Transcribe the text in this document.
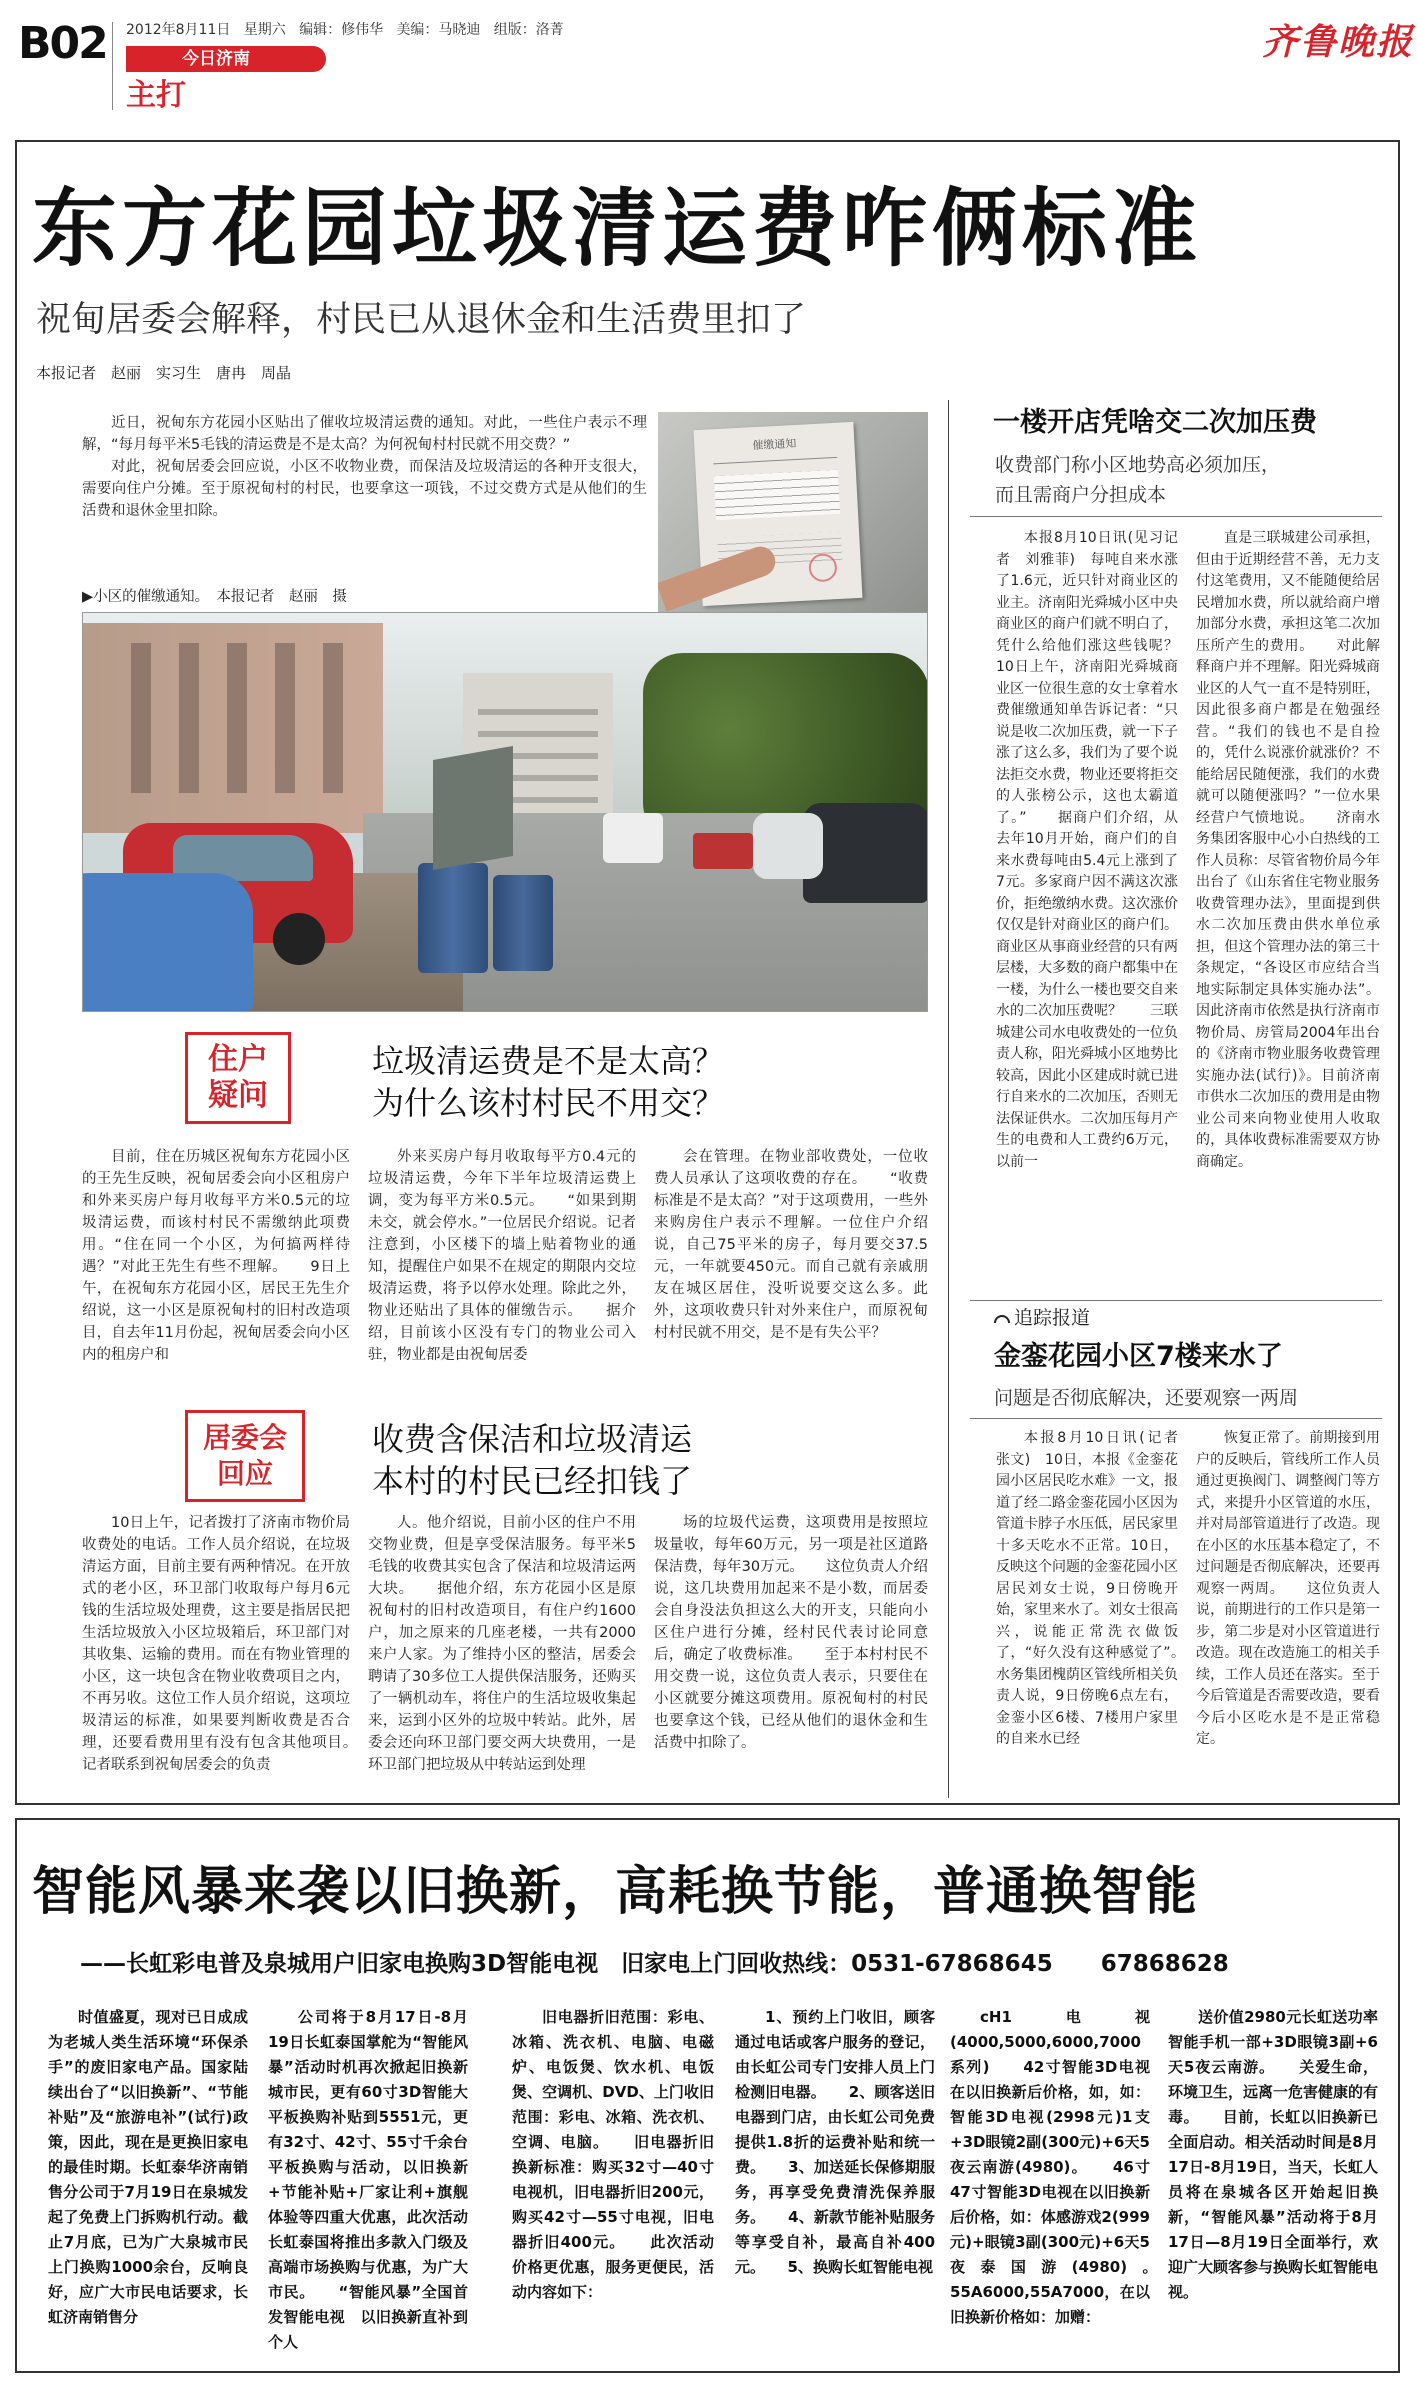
B02 2012年8月11日 星期六 编辑：修伟华 美编：马晓迪 组版：洛菁
今日济南
主打
齐鲁晚报
东方花园垃圾清运费咋俩标准
祝甸居委会解释，村民已从退休金和生活费里扣了
本报记者　赵丽　实习生　唐冉　周晶

近日，祝甸东方花园小区贴出了催收垃圾清运费的通知。对此，一些住户表示不理解，“每月每平米5毛钱的清运费是不是太高？为何祝甸村村民就不用交费？”

对此，祝甸居委会回应说，小区不收物业费，而保洁及垃圾清运的各种开支很大，需要向住户分摊。至于原祝甸村的村民，也要拿这一项钱，不过交费方式是从他们的生活费和退休金里扣除。

▶小区的催缴通知。　本报记者　赵丽　摄
催缴通知
住户
疑问
垃圾清运费是不是太高？
为什么该村村民不用交？

目前，住在历城区祝甸东方花园小区的王先生反映，祝甸居委会向小区租房户和外来买房户每月收每平方米0.5元的垃圾清运费，而该村村民不需缴纳此项费用。“住在同一个小区，为何搞两样待遇？”对此王先生有些不理解。　　9日上午，在祝甸东方花园小区，居民王先生介绍说，这一小区是原祝甸村的旧村改造项目，自去年11月份起，祝甸居委会向小区内的租房户和

外来买房户每月收取每平方0.4元的垃圾清运费，今年下半年垃圾清运费上调，变为每平方米0.5元。　　“如果到期未交，就会停水。”一位居民介绍说。记者注意到，小区楼下的墙上贴着物业的通知，提醒住户如果不在规定的期限内交垃圾清运费，将予以停水处理。除此之外，物业还贴出了具体的催缴告示。　　据介绍，目前该小区没有专门的物业公司入驻，物业都是由祝甸居委

会在管理。在物业部收费处，一位收费人员承认了这项收费的存在。　　“收费标准是不是太高？”对于这项费用，一些外来购房住户表示不理解。一位住户介绍说，自己75平米的房子，每月要交37.5元，一年就要450元。而自己就有亲戚朋友在城区居住，没听说要交这么多。此外，这项收费只针对外来住户，而原祝甸村村民就不用交，是不是有失公平？

居委会
回应
收费含保洁和垃圾清运
本村的村民已经扣钱了

10日上午，记者拨打了济南市物价局收费处的电话。工作人员介绍说，在垃圾清运方面，目前主要有两种情况。在开放式的老小区，环卫部门收取每户每月6元钱的生活垃圾处理费，这主要是指居民把生活垃圾放入小区垃圾箱后，环卫部门对其收集、运输的费用。而在有物业管理的小区，这一块包含在物业收费项目之内，不再另收。这位工作人员介绍说，这项垃圾清运的标准，如果要判断收费是否合理，还要看费用里有没有包含其他项目。　　记者联系到祝甸居委会的负责

人。他介绍说，目前小区的住户不用交物业费，但是享受保洁服务。每平米5毛钱的收费其实包含了保洁和垃圾清运两大块。　　据他介绍，东方花园小区是原祝甸村的旧村改造项目，有住户约1600户，加之原来的几座老楼，一共有2000来户人家。为了维持小区的整洁，居委会聘请了30多位工人提供保洁服务，还购买了一辆机动车，将住户的生活垃圾收集起来，运到小区外的垃圾中转站。此外，居委会还向环卫部门要交两大块费用，一是环卫部门把垃圾从中转站运到处理

场的垃圾代运费，这项费用是按照垃圾量收，每年60万元，另一项是社区道路保洁费，每年30万元。　　这位负责人介绍说，这几块费用加起来不是小数，而居委会自身没法负担这么大的开支，只能向小区住户进行分摊，经村民代表讨论同意后，确定了收费标准。　　至于本村村民不用交费一说，这位负责人表示，只要住在小区就要分摊这项费用。原祝甸村的村民也要拿这个钱，已经从他们的退休金和生活费中扣除了。

一楼开店凭啥交二次加压费
收费部门称小区地势高必须加压，
而且需商户分担成本

本报8月10日讯(见习记者　刘雅菲)　每吨自来水涨了1.6元，近只针对商业区的业主。济南阳光舜城小区中央商业区的商户们就不明白了，凭什么给他们涨这些钱呢？　　10日上午，济南阳光舜城商业区一位很生意的女士拿着水费催缴通知单告诉记者：“只说是收二次加压费，就一下子涨了这么多，我们为了要个说法拒交水费，物业还要将拒交的人张榜公示，这也太霸道了。”　　据商户们介绍，从去年10月开始，商户们的自来水费每吨由5.4元上涨到了7元。多家商户因不满这次涨价，拒绝缴纳水费。这次涨价仅仅是针对商业区的商户们。商业区从事商业经营的只有两层楼，大多数的商户都集中在一楼，为什么一楼也要交自来水的二次加压费呢？　　三联城建公司水电收费处的一位负责人称，阳光舜城小区地势比较高，因此小区建成时就已进行自来水的二次加压，否则无法保证供水。二次加压每月产生的电费和人工费约6万元，以前一

直是三联城建公司承担，但由于近期经营不善，无力支付这笔费用，又不能随便给居民增加水费，所以就给商户增加部分水费，承担这笔二次加压所产生的费用。　　对此解释商户并不理解。阳光舜城商业区的人气一直不是特别旺，因此很多商户都是在勉强经营。“我们的钱也不是自捡的，凭什么说涨价就涨价？不能给居民随便涨，我们的水费就可以随便涨吗？”一位水果经营户气愤地说。　　济南水务集团客服中心小白热线的工作人员称：尽管省物价局今年出台了《山东省住宅物业服务收费管理办法》，里面提到供水二次加压费由供水单位承担，但这个管理办法的第三十条规定，“各设区市应结合当地实际制定具体实施办法”。因此济南市依然是执行济南市物价局、房管局2004年出台的《济南市物业服务收费管理实施办法(试行)》。目前济南市供水二次加压的费用是由物业公司来向物业使用人收取的，具体收费标准需要双方协商确定。

追踪报道
金銮花园小区7楼来水了
问题是否彻底解决，还要观察一两周

本报8月10日讯(记者　张文)　10日，本报《金銮花园小区居民吃水难》一文，报道了经二路金銮花园小区因为管道卡脖子水压低，居民家里十多天吃水不正常。10日，反映这个问题的金銮花园小区居民刘女士说，9日傍晚开始，家里来水了。刘女士很高兴，说能正常洗衣做饭了，“好久没有这种感觉了”。　　水务集团槐荫区管线所相关负责人说，9日傍晚6点左右，金銮小区6楼、7楼用户家里的自来水已经

恢复正常了。前期接到用户的反映后，管线所工作人员通过更换阀门、调整阀门等方式，来提升小区管道的水压，并对局部管道进行了改造。现在小区的水压基本稳定了，不过问题是否彻底解决，还要再观察一两周。　　这位负责人说，前期进行的工作只是第一步，第二步是对小区管道进行改造。现在改造施工的相关手续，工作人员还在落实。至于今后管道是否需要改造，要看今后小区吃水是不是正常稳定。

智能风暴来袭以旧换新，高耗换节能，普通换智能
——长虹彩电普及泉城用户旧家电换购3D智能电视　旧家电上门回收热线：0531-67868645 67868628

时值盛夏，现对已日成成为老城人类生活环境“环保杀手”的废旧家电产品。国家陆续出台了“以旧换新”、“节能补贴”及“旅游电补”(试行)政策，因此，现在是更换旧家电的最佳时期。长虹泰华济南销售分公司于7月19日在泉城发起了免费上门拆购机行动。截止7月底，已为广大泉城市民上门换购1000余台，反响良好，应广大市民电话要求，长虹济南销售分

公司将于8月17日-8月19日长虹泰国掌舵为“智能风暴”活动时机再次掀起旧换新城市民，更有60寸3D智能大平板换购补贴到5551元，更有32寸、42寸、55寸千余台平板换购与活动，以旧换新+节能补贴+厂家让利+旗舰体验等四重大优惠，此次活动长虹泰国将推出多款入门级及高端市场换购与优惠，为广大市民。　　“智能风暴”全国首发智能电视　以旧换新直补到个人

旧电器折旧范围：彩电、冰箱、洗衣机、电脑、电磁炉、电饭煲、饮水机、电饭煲、空调机、DVD、上门收旧范围：彩电、冰箱、洗衣机、空调、电脑。　　旧电器折旧换新标准：购买32寸—40寸电视机，旧电器折旧200元，购买42寸—55寸电视，旧电器折旧400元。　　此次活动价格更优惠，服务更便民，活动内容如下：

1、预约上门收旧，顾客通过电话或客户服务的登记，由长虹公司专门安排人员上门检测旧电器。　　2、顾客送旧电器到门店，由长虹公司免费提供1.8折的运费补贴和统一费。　　3、加送延长保修期服务，再享受免费清洗保养服务。　　4、新款节能补贴服务等享受自补，最高自补400元。　　5、换购长虹智能电视

cH1电视(4000,5000,6000,7000系列)　　42寸智能3D电视在以旧换新后价格，如，如：智能3D电视(2998元)1支+3D眼镜2副(300元)+6天5夜云南游(4980)。　　46寸47寸智能3D电视在以旧换新后价格，如：体感游戏2(999元)+眼镜3副(300元)+6天5夜泰国游(4980)。　　55A6000,55A7000，在以旧换新价格如：加赠：

送价值2980元长虹送功率智能手机一部+3D眼镜3副+6天5夜云南游。　　关爱生命，环境卫生，远离一危害健康的有毒。　　目前，长虹以旧换新已全面启动。相关活动时间是8月17日-8月19日，当天，长虹人员将在泉城各区开始起旧换新，“智能风暴”活动将于8月17日—8月19日全面举行，欢迎广大顾客参与换购长虹智能电视。
